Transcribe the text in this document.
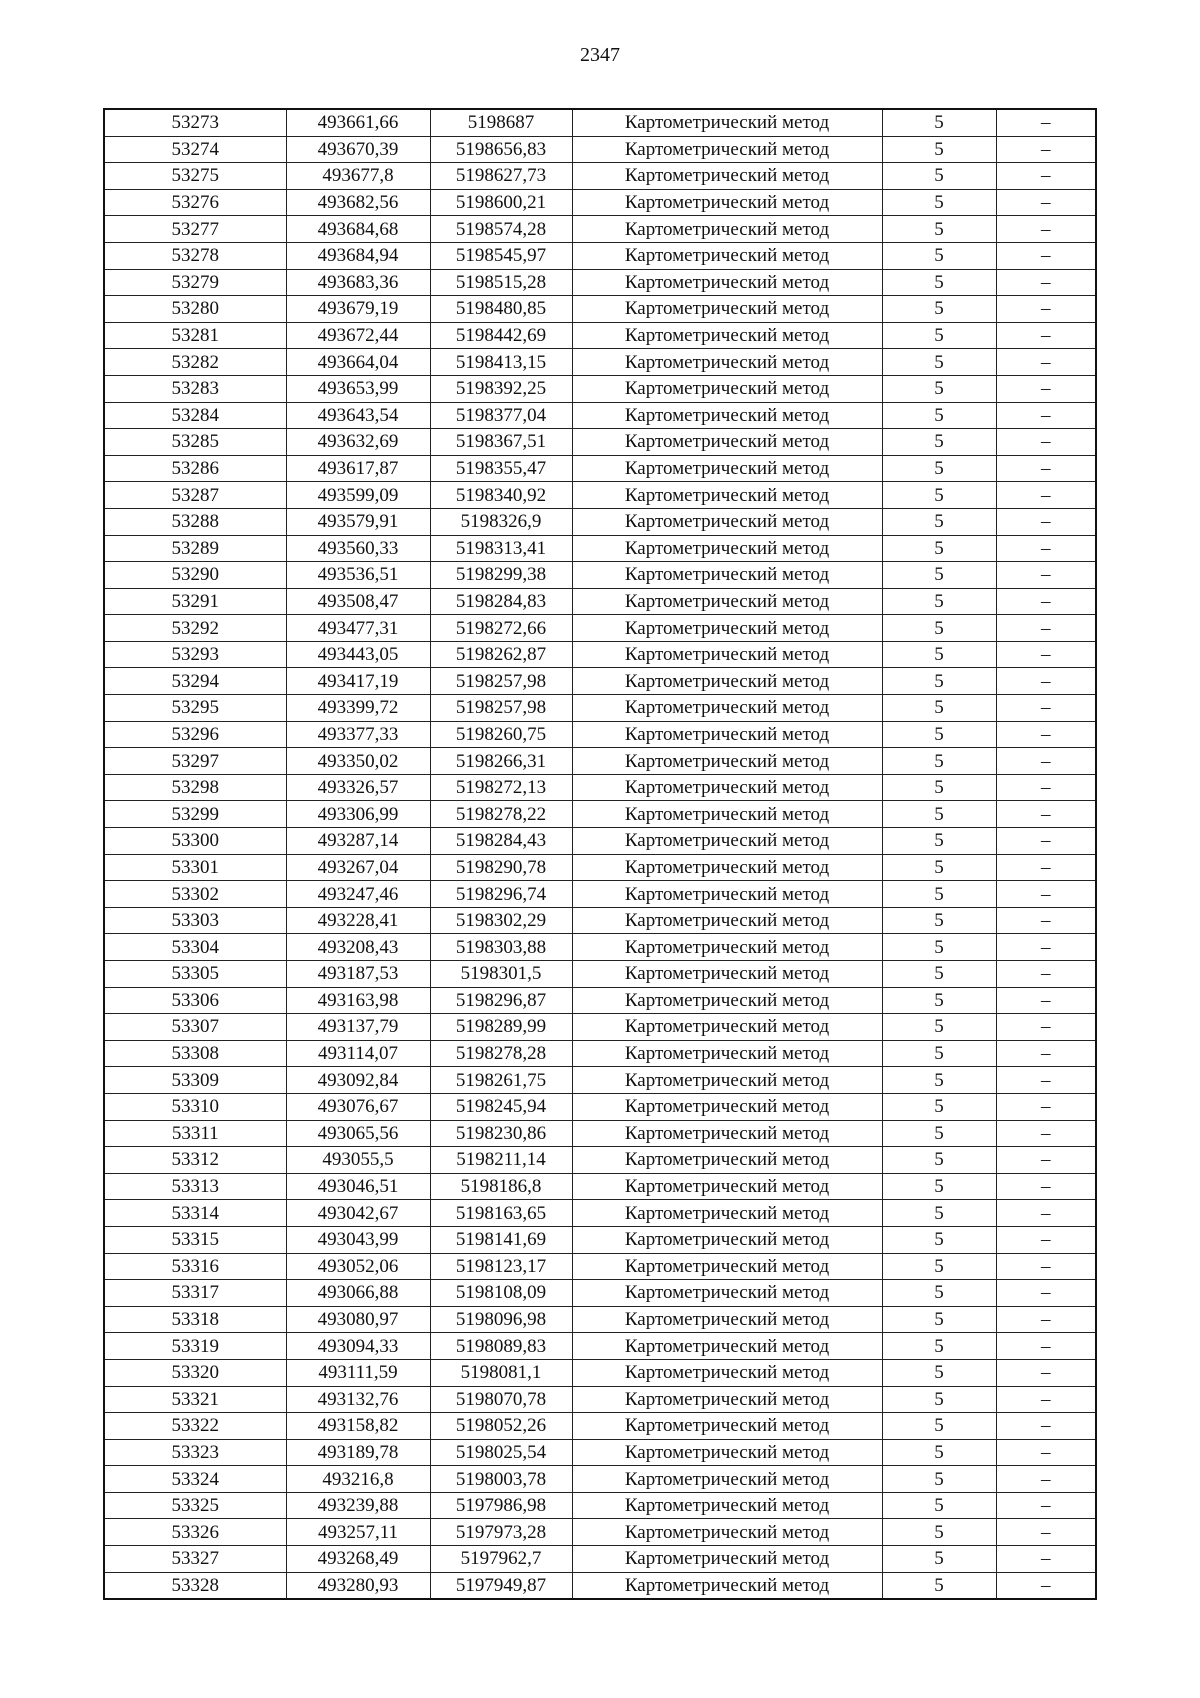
2347
53273	493661,66	5198687	Картометрический метод	5	–
53274	493670,39	5198656,83	Картометрический метод	5	–
53275	493677,8	5198627,73	Картометрический метод	5	–
53276	493682,56	5198600,21	Картометрический метод	5	–
53277	493684,68	5198574,28	Картометрический метод	5	–
53278	493684,94	5198545,97	Картометрический метод	5	–
53279	493683,36	5198515,28	Картометрический метод	5	–
53280	493679,19	5198480,85	Картометрический метод	5	–
53281	493672,44	5198442,69	Картометрический метод	5	–
53282	493664,04	5198413,15	Картометрический метод	5	–
53283	493653,99	5198392,25	Картометрический метод	5	–
53284	493643,54	5198377,04	Картометрический метод	5	–
53285	493632,69	5198367,51	Картометрический метод	5	–
53286	493617,87	5198355,47	Картометрический метод	5	–
53287	493599,09	5198340,92	Картометрический метод	5	–
53288	493579,91	5198326,9	Картометрический метод	5	–
53289	493560,33	5198313,41	Картометрический метод	5	–
53290	493536,51	5198299,38	Картометрический метод	5	–
53291	493508,47	5198284,83	Картометрический метод	5	–
53292	493477,31	5198272,66	Картометрический метод	5	–
53293	493443,05	5198262,87	Картометрический метод	5	–
53294	493417,19	5198257,98	Картометрический метод	5	–
53295	493399,72	5198257,98	Картометрический метод	5	–
53296	493377,33	5198260,75	Картометрический метод	5	–
53297	493350,02	5198266,31	Картометрический метод	5	–
53298	493326,57	5198272,13	Картометрический метод	5	–
53299	493306,99	5198278,22	Картометрический метод	5	–
53300	493287,14	5198284,43	Картометрический метод	5	–
53301	493267,04	5198290,78	Картометрический метод	5	–
53302	493247,46	5198296,74	Картометрический метод	5	–
53303	493228,41	5198302,29	Картометрический метод	5	–
53304	493208,43	5198303,88	Картометрический метод	5	–
53305	493187,53	5198301,5	Картометрический метод	5	–
53306	493163,98	5198296,87	Картометрический метод	5	–
53307	493137,79	5198289,99	Картометрический метод	5	–
53308	493114,07	5198278,28	Картометрический метод	5	–
53309	493092,84	5198261,75	Картометрический метод	5	–
53310	493076,67	5198245,94	Картометрический метод	5	–
53311	493065,56	5198230,86	Картометрический метод	5	–
53312	493055,5	5198211,14	Картометрический метод	5	–
53313	493046,51	5198186,8	Картометрический метод	5	–
53314	493042,67	5198163,65	Картометрический метод	5	–
53315	493043,99	5198141,69	Картометрический метод	5	–
53316	493052,06	5198123,17	Картометрический метод	5	–
53317	493066,88	5198108,09	Картометрический метод	5	–
53318	493080,97	5198096,98	Картометрический метод	5	–
53319	493094,33	5198089,83	Картометрический метод	5	–
53320	493111,59	5198081,1	Картометрический метод	5	–
53321	493132,76	5198070,78	Картометрический метод	5	–
53322	493158,82	5198052,26	Картометрический метод	5	–
53323	493189,78	5198025,54	Картометрический метод	5	–
53324	493216,8	5198003,78	Картометрический метод	5	–
53325	493239,88	5197986,98	Картометрический метод	5	–
53326	493257,11	5197973,28	Картометрический метод	5	–
53327	493268,49	5197962,7	Картометрический метод	5	–
53328	493280,93	5197949,87	Картометрический метод	5	–
